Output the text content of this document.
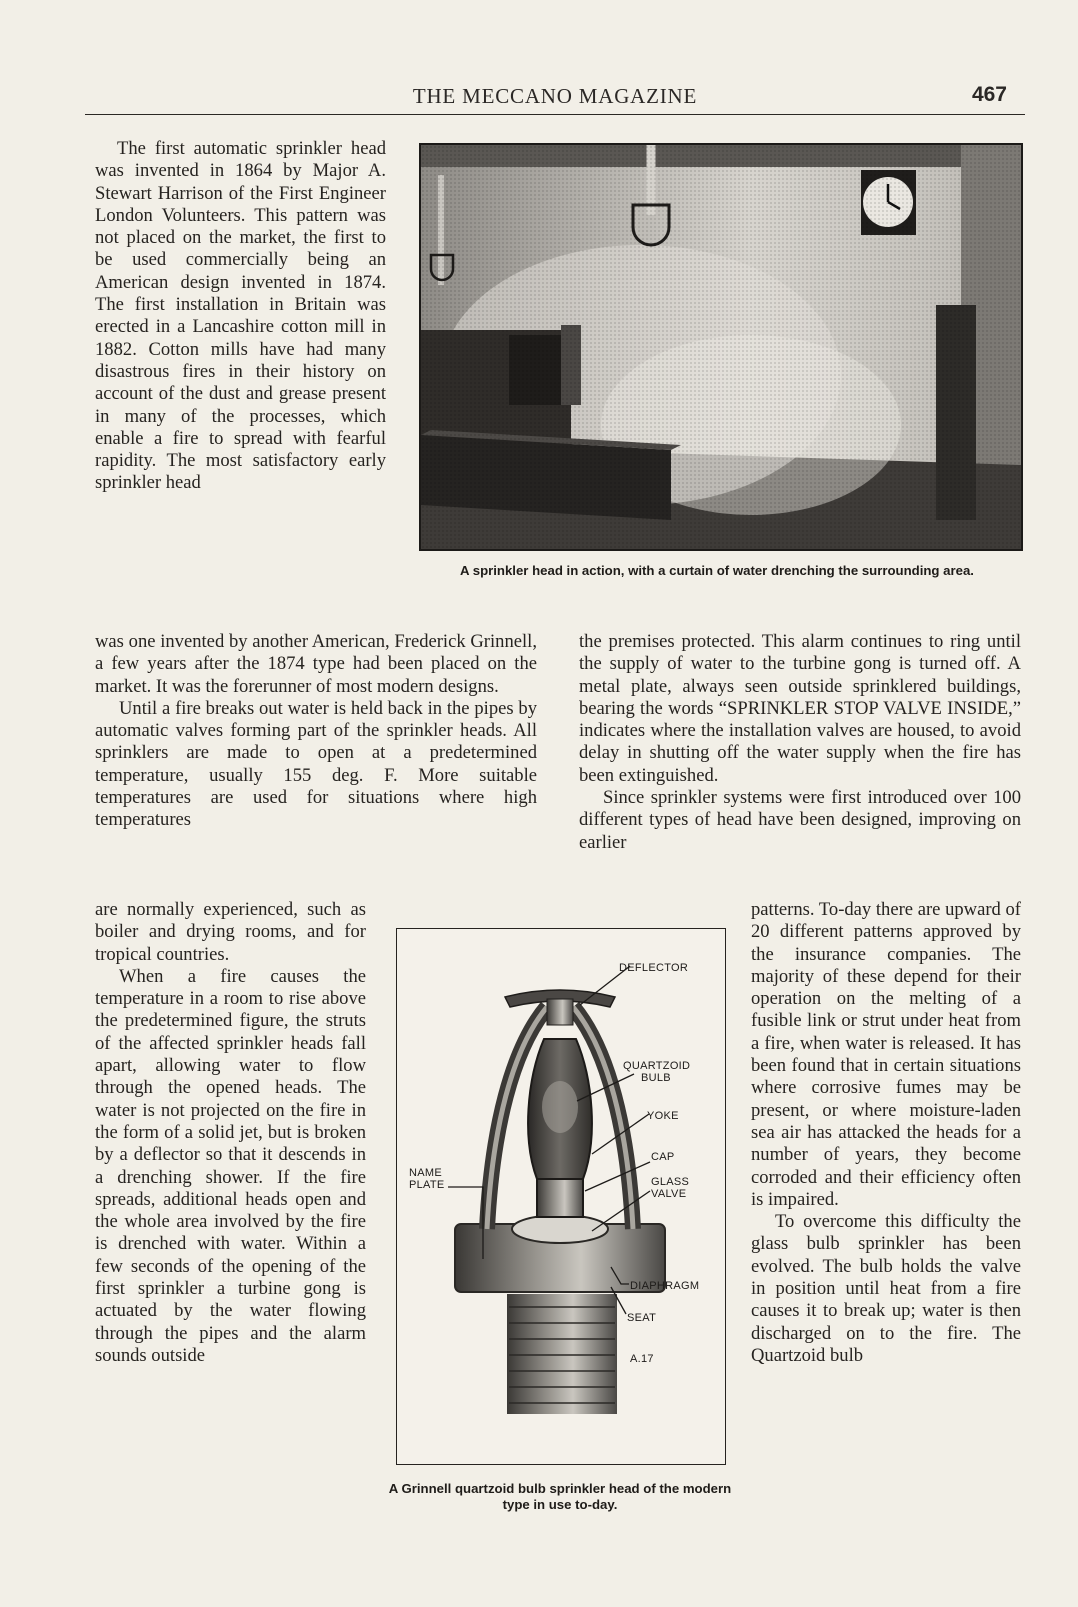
THE MECCANO MAGAZINE	467

The first automatic sprinkler head was invented in 1864 by Major A. Stewart Harrison of the First Engineer London Volunteers. This pattern was not placed on the market, the first to be used commercially being an American design invented in 1874. The first installation in Britain was erected in a Lancashire cotton mill in 1882. Cotton mills have had many disastrous fires in their history on account of the dust and grease present in many of the processes, which enable a fire to spread with fearful rapidity. The most satisfactory early sprinkler head

A sprinkler head in action, with a curtain of water drenching the surrounding area.

was one invented by another American, Frederick Grinnell, a few years after the 1874 type had been placed on the market. It was the forerunner of most modern designs.

Until a fire breaks out water is held back in the pipes by automatic valves forming part of the sprinkler heads. All sprinklers are made to open at a predetermined temperature, usually 155 deg. F. More suitable temperatures are used for situations where high temperatures

the premises protected. This alarm continues to ring until the supply of water to the turbine gong is turned off. A metal plate, always seen outside sprinklered buildings, bearing the words “SPRINKLER STOP VALVE INSIDE,” indicates where the installation valves are housed, to avoid delay in shutting off the water supply when the fire has been extinguished.

Since sprinkler systems were first introduced over 100 different types of head have been designed, improving on earlier

are normally experienced, such as boiler and drying rooms, and for tropical countries.

When a fire causes the temperature in a room to rise above the predetermined figure, the struts of the affected sprinkler heads fall apart, allowing water to flow through the opened heads. The water is not projected on the fire in the form of a solid jet, but is broken by a deflector so that it descends in a drenching shower. If the fire spreads, additional heads open and the whole area involved by the fire is drenched with water. Within a few seconds of the opening of the first sprinkler a turbine gong is actuated by the water flowing through the pipes and the alarm sounds outside

DEFLECTOR
QUARTZOID
BULB
YOKE
CAP
GLASS
VALVE
NAME
PLATE
DIAPHRAGM
SEAT
A.17
A Grinnell quartzoid bulb sprinkler head of the modern type in use to-day.

patterns. To-day there are upward of 20 different patterns approved by the insurance companies. The majority of these depend for their operation on the melting of a fusible link or strut under heat from a fire, when water is released. It has been found that in certain situations where corrosive fumes may be present, or where moisture-laden sea air has attacked the heads for a number of years, they become corroded and their efficiency often is impaired.

To overcome this difficulty the glass bulb sprinkler has been evolved. The bulb holds the valve in position until heat from a fire causes it to break up; water is then discharged on to the fire. The Quartzoid bulb
